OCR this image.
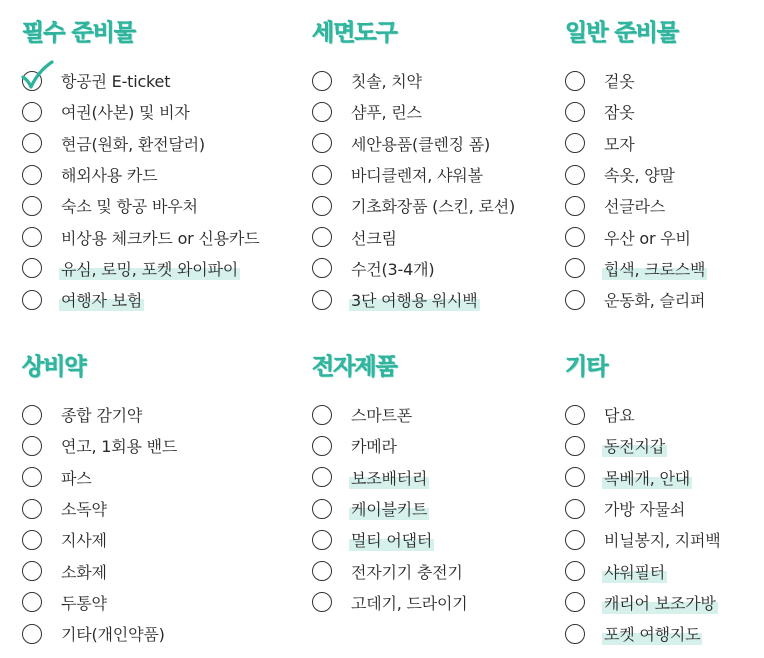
필수 준비물
항공권 E-ticket
여권(사본) 및 비자
현금(원화, 환전달러)
해외사용 카드
숙소 및 항공 바우처
비상용 체크카드 or 신용카드
유심, 로밍, 포켓 와이파이
여행자 보험
세면도구
칫솔, 치약
샴푸, 린스
세안용품(클렌징 폼)
바디클렌져, 샤워볼
기초화장품 (스킨, 로션)
선크림
수건(3-4개)
3단 여행용 워시백
일반 준비물
겉옷
잠옷
모자
속옷, 양말
선글라스
우산 or 우비
힙색, 크로스백
운동화, 슬리퍼
상비약
종합 감기약
연고, 1회용 밴드
파스
소독약
지사제
소화제
두통약
기타(개인약품)
전자제품
스마트폰
카메라
보조배터리
케이블키트
멀티 어댑터
전자기기 충전기
고데기, 드라이기
기타
담요
동전지갑
목베개, 안대
가방 자물쇠
비닐봉지, 지퍼백
샤워필터
캐리어 보조가방
포켓 여행지도
